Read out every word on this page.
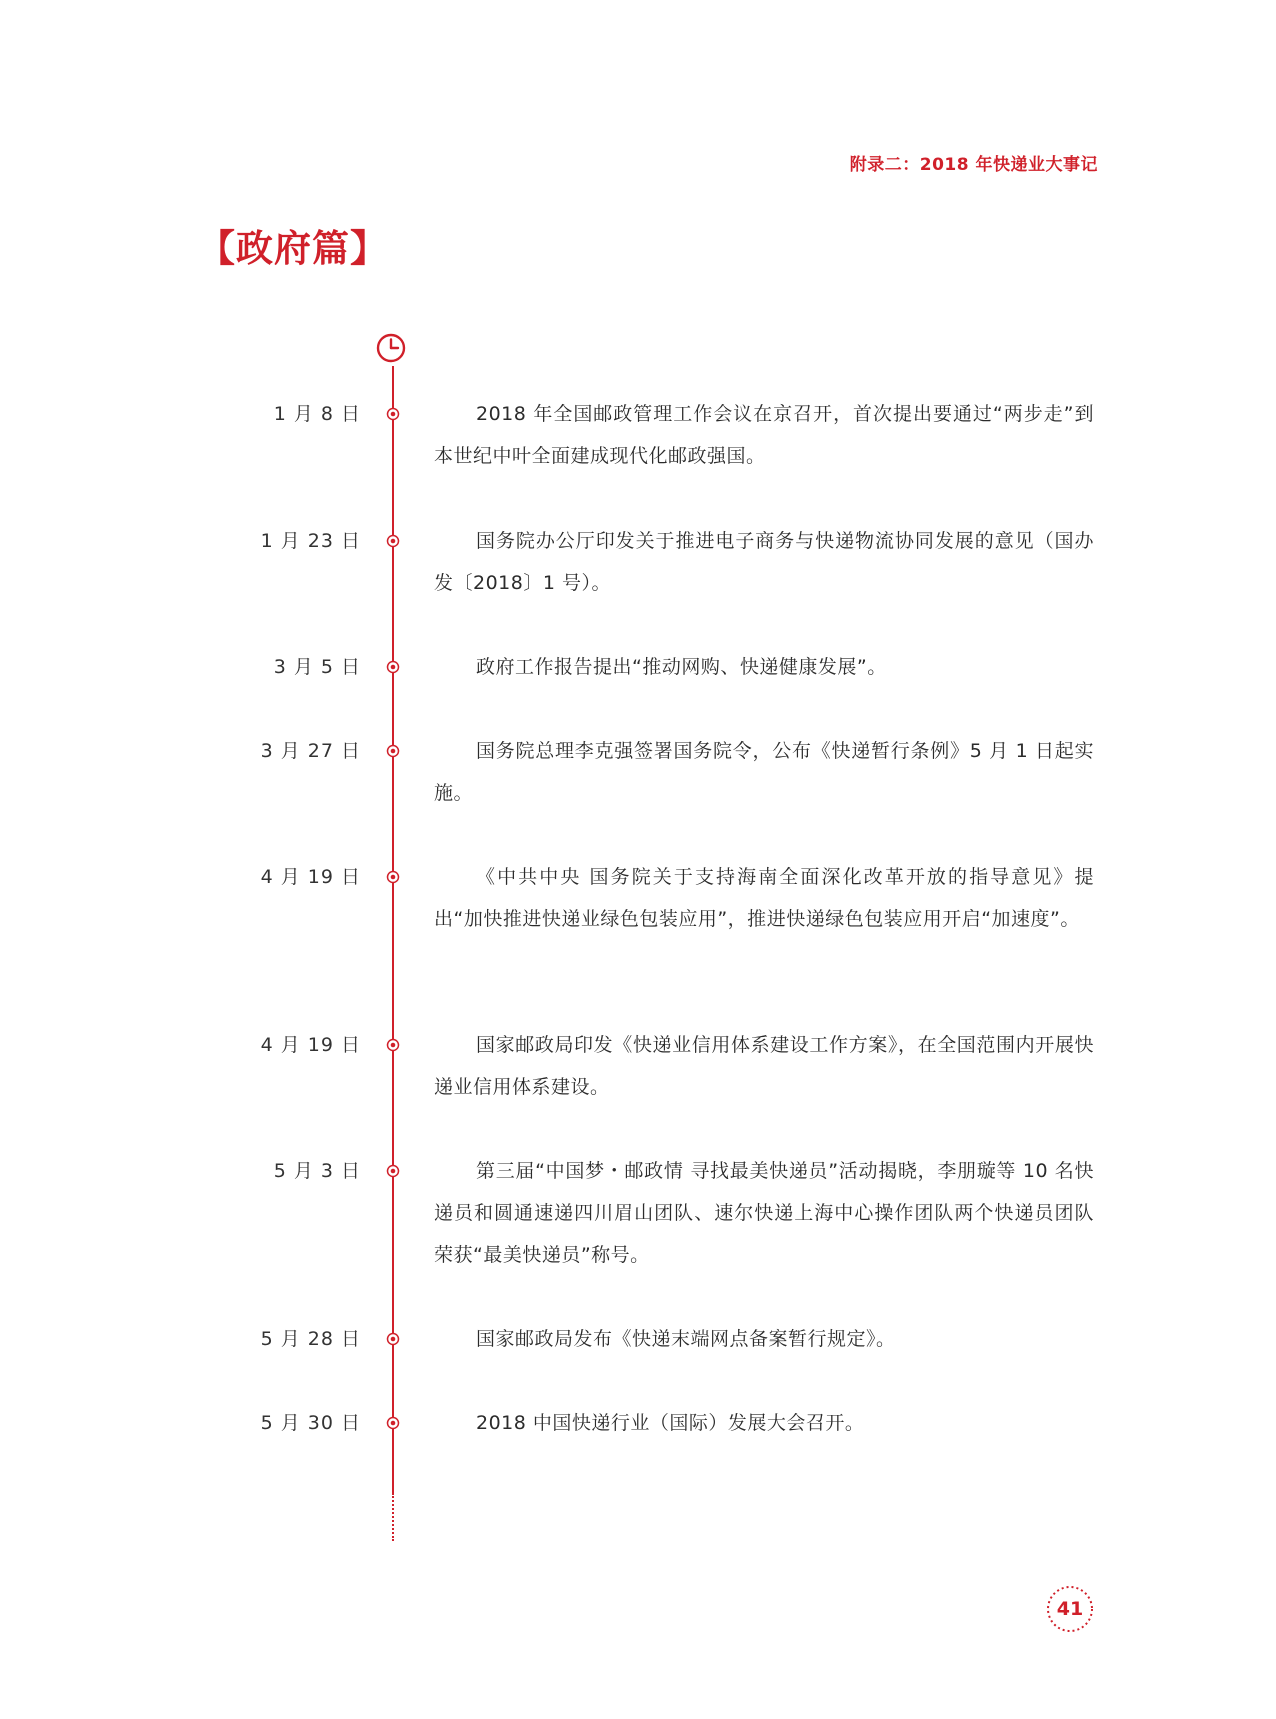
附录二：2018 年快递业大事记
【政府篇】
1 月 8 日	2018 年全国邮政管理工作会议在京召开，首次提出要通过“两步走”到本世纪中叶全面建成现代化邮政强国。
1 月 23 日	国务院办公厅印发关于推进电子商务与快递物流协同发展的意见（国办发〔2018〕1 号）。
3 月 5 日	政府工作报告提出“推动网购、快递健康发展”。
3 月 27 日	国务院总理李克强签署国务院令，公布《快递暂行条例》5 月 1 日起实施。
4 月 19 日	《中共中央 国务院关于支持海南全面深化改革开放的指导意见》提出“加快推进快递业绿色包装应用”，推进快递绿色包装应用开启“加速度”。
4 月 19 日	国家邮政局印发《快递业信用体系建设工作方案》，在全国范围内开展快递业信用体系建设。
5 月 3 日	第三届“中国梦・邮政情 寻找最美快递员”活动揭晓，李朋璇等 10 名快递员和圆通速递四川眉山团队、速尔快递上海中心操作团队两个快递员团队荣获“最美快递员”称号。
5 月 28 日	国家邮政局发布《快递末端网点备案暂行规定》。
5 月 30 日	2018 中国快递行业（国际）发展大会召开。
41
